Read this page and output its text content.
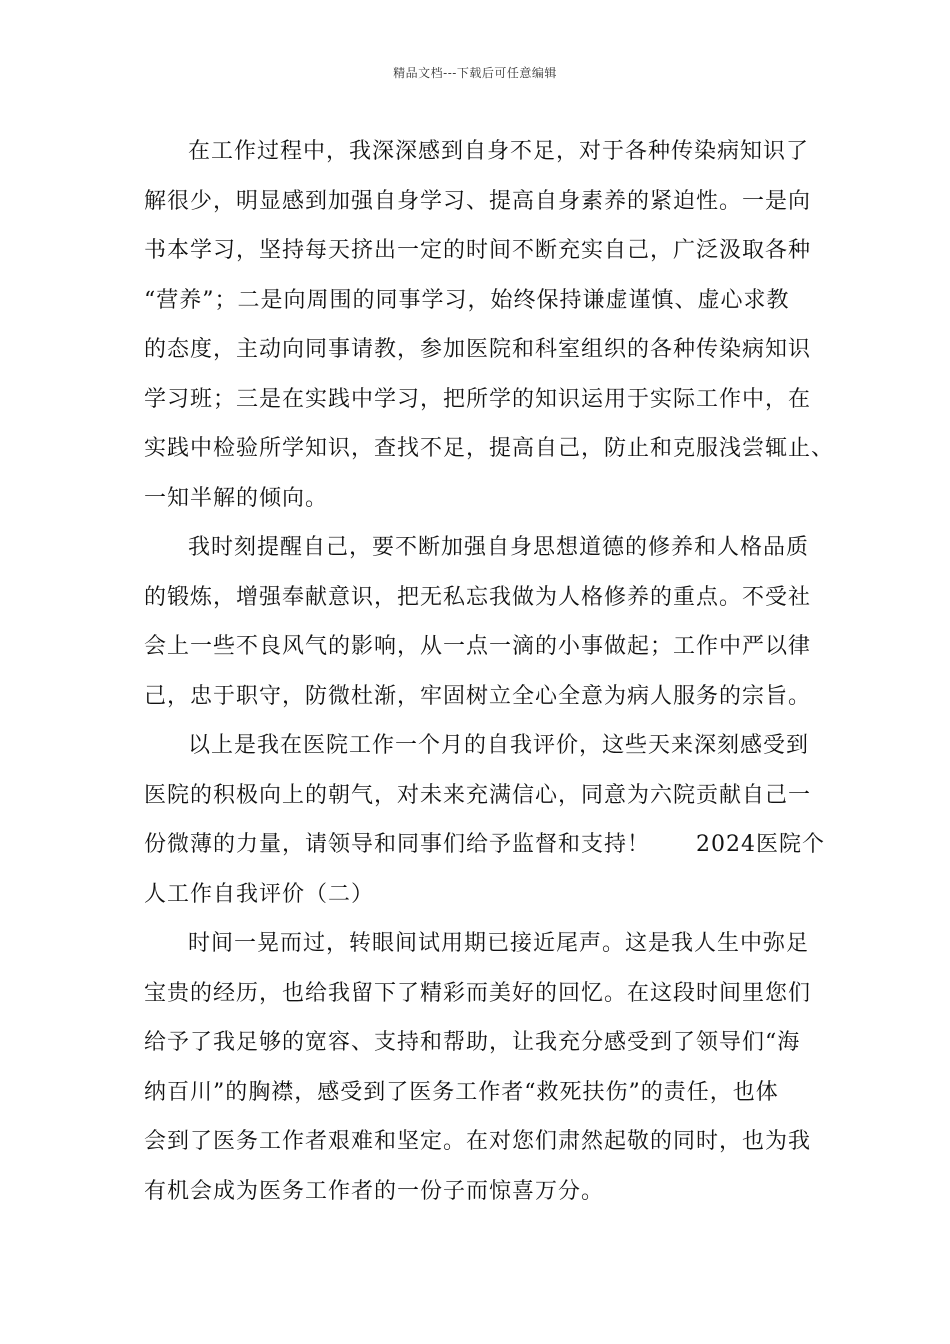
精品文档---下载后可任意编辑
在工作过程中，我深深感到自身不足，对于各种传染病知识了
解很少，明显感到加强自身学习、提高自身素养的紧迫性。一是向
书本学习，坚持每天挤出一定的时间不断充实自己，广泛汲取各种
“营养”；二是向周围的同事学习，始终保持谦虚谨慎、虚心求教
的态度，主动向同事请教，参加医院和科室组织的各种传染病知识
学习班；三是在实践中学习，把所学的知识运用于实际工作中，在
实践中检验所学知识，查找不足，提高自己，防止和克服浅尝辄止、
一知半解的倾向。
我时刻提醒自己，要不断加强自身思想道德的修养和人格品质
的锻炼，增强奉献意识，把无私忘我做为人格修养的重点。不受社
会上一些不良风气的影响，从一点一滴的小事做起；工作中严以律
己，忠于职守，防微杜渐，牢固树立全心全意为病人服务的宗旨。
以上是我在医院工作一个月的自我评价，这些天来深刻感受到
医院的积极向上的朝气，对未来充满信心，同意为六院贡献自己一
份微薄的力量，请领导和同事们给予监督和支持！ 2024医院个
人工作自我评价（二）
时间一晃而过，转眼间试用期已接近尾声。这是我人生中弥足
宝贵的经历，也给我留下了精彩而美好的回忆。在这段时间里您们
给予了我足够的宽容、支持和帮助，让我充分感受到了领导们“海
纳百川”的胸襟，感受到了医务工作者“救死扶伤”的责任，也体
会到了医务工作者艰难和坚定。在对您们肃然起敬的同时，也为我
有机会成为医务工作者的一份子而惊喜万分。
